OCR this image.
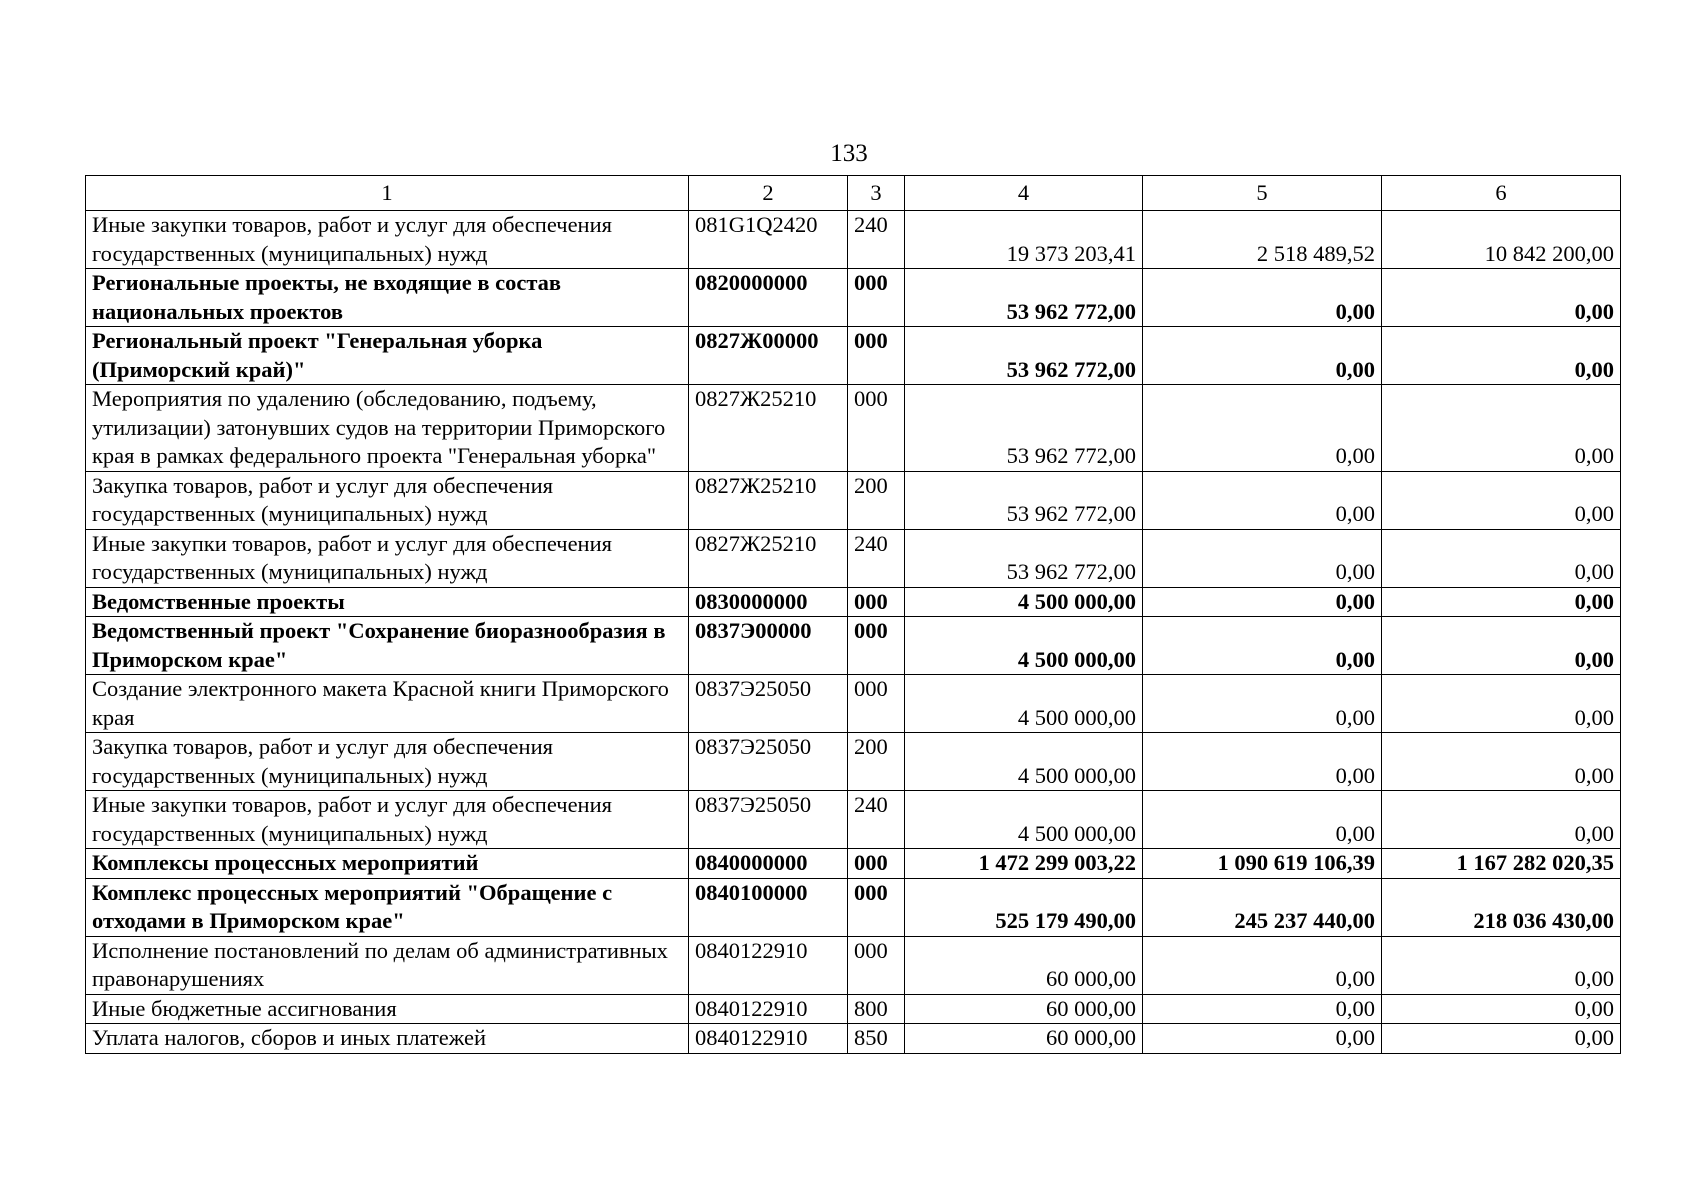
133
1	2	3	4	5	6
Иные закупки товаров, работ и услуг для обеспечения государственных (муниципальных) нужд	081G1Q2420	240	19 373 203,41	2 518 489,52	10 842 200,00
Региональные проекты, не входящие в состав национальных проектов	0820000000	000	53 962 772,00	0,00	0,00
Региональный проект "Генеральная уборка (Приморский край)"	0827Ж00000	000	53 962 772,00	0,00	0,00
Мероприятия по удалению (обследованию, подъему, утилизации) затонувших судов на территории Приморского края в рамках федерального проекта "Генеральная уборка"	0827Ж25210	000	53 962 772,00	0,00	0,00
Закупка товаров, работ и услуг для обеспечения государственных (муниципальных) нужд	0827Ж25210	200	53 962 772,00	0,00	0,00
Иные закупки товаров, работ и услуг для обеспечения государственных (муниципальных) нужд	0827Ж25210	240	53 962 772,00	0,00	0,00
Ведомственные проекты	0830000000	000	4 500 000,00	0,00	0,00
Ведомственный проект "Сохранение биоразнообразия в Приморском крае"	0837Э00000	000	4 500 000,00	0,00	0,00
Создание электронного макета Красной книги Приморского края	0837Э25050	000	4 500 000,00	0,00	0,00
Закупка товаров, работ и услуг для обеспечения государственных (муниципальных) нужд	0837Э25050	200	4 500 000,00	0,00	0,00
Иные закупки товаров, работ и услуг для обеспечения государственных (муниципальных) нужд	0837Э25050	240	4 500 000,00	0,00	0,00
Комплексы процессных мероприятий	0840000000	000	1 472 299 003,22	1 090 619 106,39	1 167 282 020,35
Комплекс процессных мероприятий "Обращение с отходами в Приморском крае"	0840100000	000	525 179 490,00	245 237 440,00	218 036 430,00
Исполнение постановлений по делам об административных правонарушениях	0840122910	000	60 000,00	0,00	0,00
Иные бюджетные ассигнования	0840122910	800	60 000,00	0,00	0,00
Уплата налогов, сборов и иных платежей	0840122910	850	60 000,00	0,00	0,00
